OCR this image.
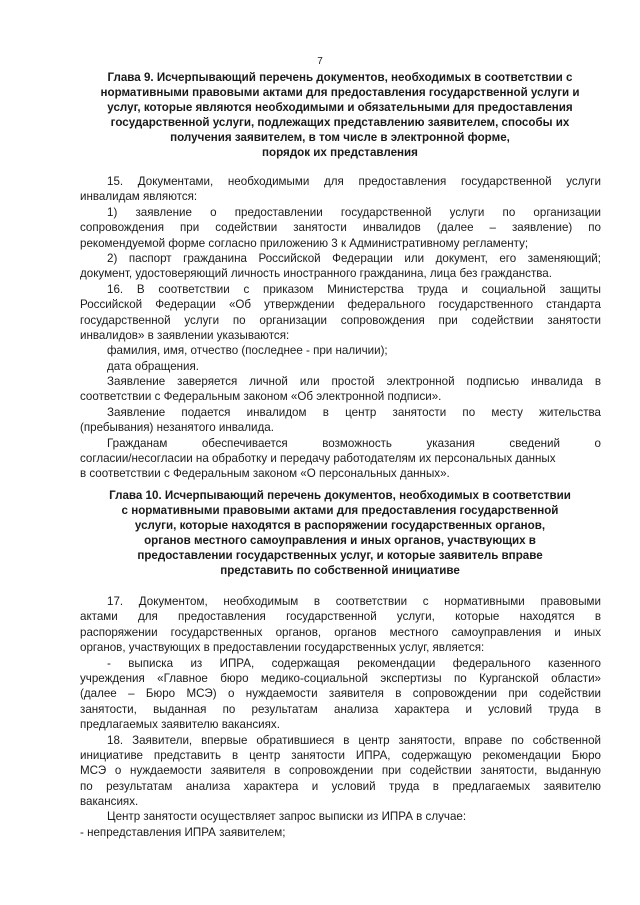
7
Глава 9. Исчерпывающий перечень документов, необходимых в соответствии с
нормативными правовыми актами для предоставления государственной услуги и
услуг, которые являются необходимыми и обязательными для предоставления
государственной услуги, подлежащих представлению заявителем, способы их
получения заявителем, в том числе в электронной форме,
порядок их представления
15. Документами, необходимыми для предоставления государственной услуги
инвалидам являются:
1) заявление о предоставлении государственной услуги по организации
сопровождения при содействии занятости инвалидов (далее – заявление) по
рекомендуемой форме согласно приложению 3 к Административному регламенту;
2) паспорт гражданина Российской Федерации или документ, его заменяющий;
документ, удостоверяющий личность иностранного гражданина, лица без гражданства.
16. В соответствии с приказом Министерства труда и социальной защиты
Российской Федерации «Об утверждении федерального государственного стандарта
государственной услуги по организации сопровождения при содействии занятости
инвалидов» в заявлении указываются:
фамилия, имя, отчество (последнее - при наличии);
дата обращения.
Заявление заверяется личной или простой электронной подписью инвалида в
соответствии с Федеральным законом «Об электронной подписи».
Заявление подается инвалидом в центр занятости по месту жительства
(пребывания) незанятого инвалида.
Гражданам обеспечивается возможность указания сведений о
согласии/несогласии на обработку и передачу работодателям их персональных данных
в соответствии с Федеральным законом «О персональных данных».
Глава 10. Исчерпывающий перечень документов, необходимых в соответствии
с нормативными правовыми актами для предоставления государственной
услуги, которые находятся в распоряжении государственных органов,
органов местного самоуправления и иных органов, участвующих в
предоставлении государственных услуг, и которые заявитель вправе
представить по собственной инициативе
17. Документом, необходимым в соответствии с нормативными правовыми
актами для предоставления государственной услуги, которые находятся в
распоряжении государственных органов, органов местного самоуправления и иных
органов, участвующих в предоставлении государственных услуг, является:
- выписка из ИПРА, содержащая рекомендации федерального казенного
учреждения «Главное бюро медико-социальной экспертизы по Курганской области»
(далее – Бюро МСЭ) о нуждаемости заявителя в сопровождении при содействии
занятости, выданная по результатам анализа характера и условий труда в
предлагаемых заявителю вакансиях.
18. Заявители, впервые обратившиеся в центр занятости, вправе по собственной
инициативе представить в центр занятости ИПРА, содержащую рекомендации Бюро
МСЭ о нуждаемости заявителя в сопровождении при содействии занятости, выданную
по результатам анализа характера и условий труда в предлагаемых заявителю
вакансиях.
Центр занятости осуществляет запрос выписки из ИПРА в случае:
- непредставления ИПРА заявителем;
